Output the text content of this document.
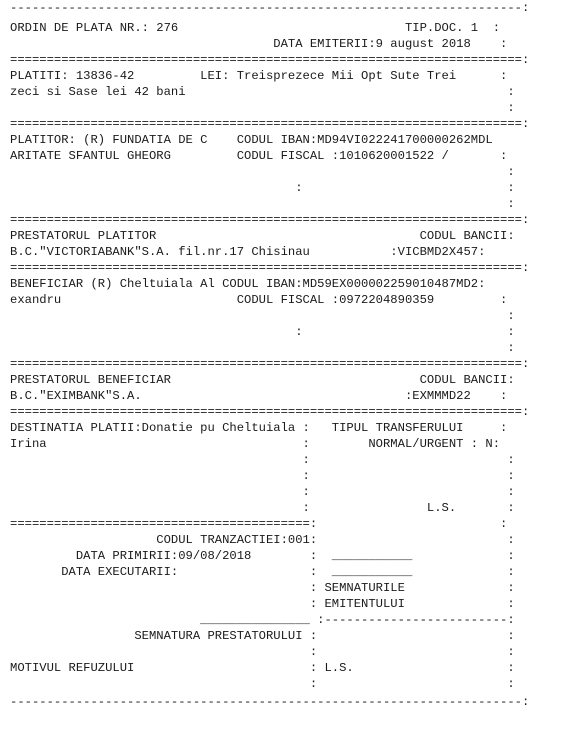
----------------------------------------------------------------------:
ORDIN DE PLATA NR.: 276                               TIP.DOC. 1  :
DATA EMITERII:9 august 2018    :
======================================================================:
PLATITI: 13836-42         LEI: Treisprezece Mii Opt Sute Trei      :
zeci si Sase lei 42 bani                                            :
:
======================================================================:
PLATITOR: (R) FUNDATIA DE C    CODUL IBAN:MD94VI022241700000262MDL
ARITATE SFANTUL GHEORG         CODUL FISCAL :1010620001522 /       :
:
:                            :
:
======================================================================:
PRESTATORUL PLATITOR                                    CODUL BANCII:
B.C."VICTORIABANK"S.A. fil.nr.17 Chisinau           :VICBMD2X457:
======================================================================:
BENEFICIAR (R) Cheltuiala Al CODUL IBAN:MD59EX000002259010487MD2:
exandru                        CODUL FISCAL :0972204890359         :
:
:                            :
:
======================================================================:
PRESTATORUL BENEFICIAR                                  CODUL BANCII:
B.C."EXIMBANK"S.A.                                    :EXMMMD22    :
======================================================================:
DESTINATIA PLATII:Donatie pu Cheltuiala :   TIPUL TRANSFERULUI     :
Irina                                   :        NORMAL/URGENT : N:
:                           :
:                           :
:                           :
:                L.S.       :
=========================================:                         :
CODUL TRANZACTIEI:001:                          :
DATA PRIMIRII:09/08/2018        :  ___________             :
DATA EXECUTARII:                  :  ___________             :
: SEMNATURILE              :
: EMITENTULUI              :
_______________ :-------------------------:
SEMNATURA PRESTATORULUI :                          :
:                          :
MOTIVUL REFUZULUI                        : L.S.                     :
:                          :
----------------------------------------------------------------------:
